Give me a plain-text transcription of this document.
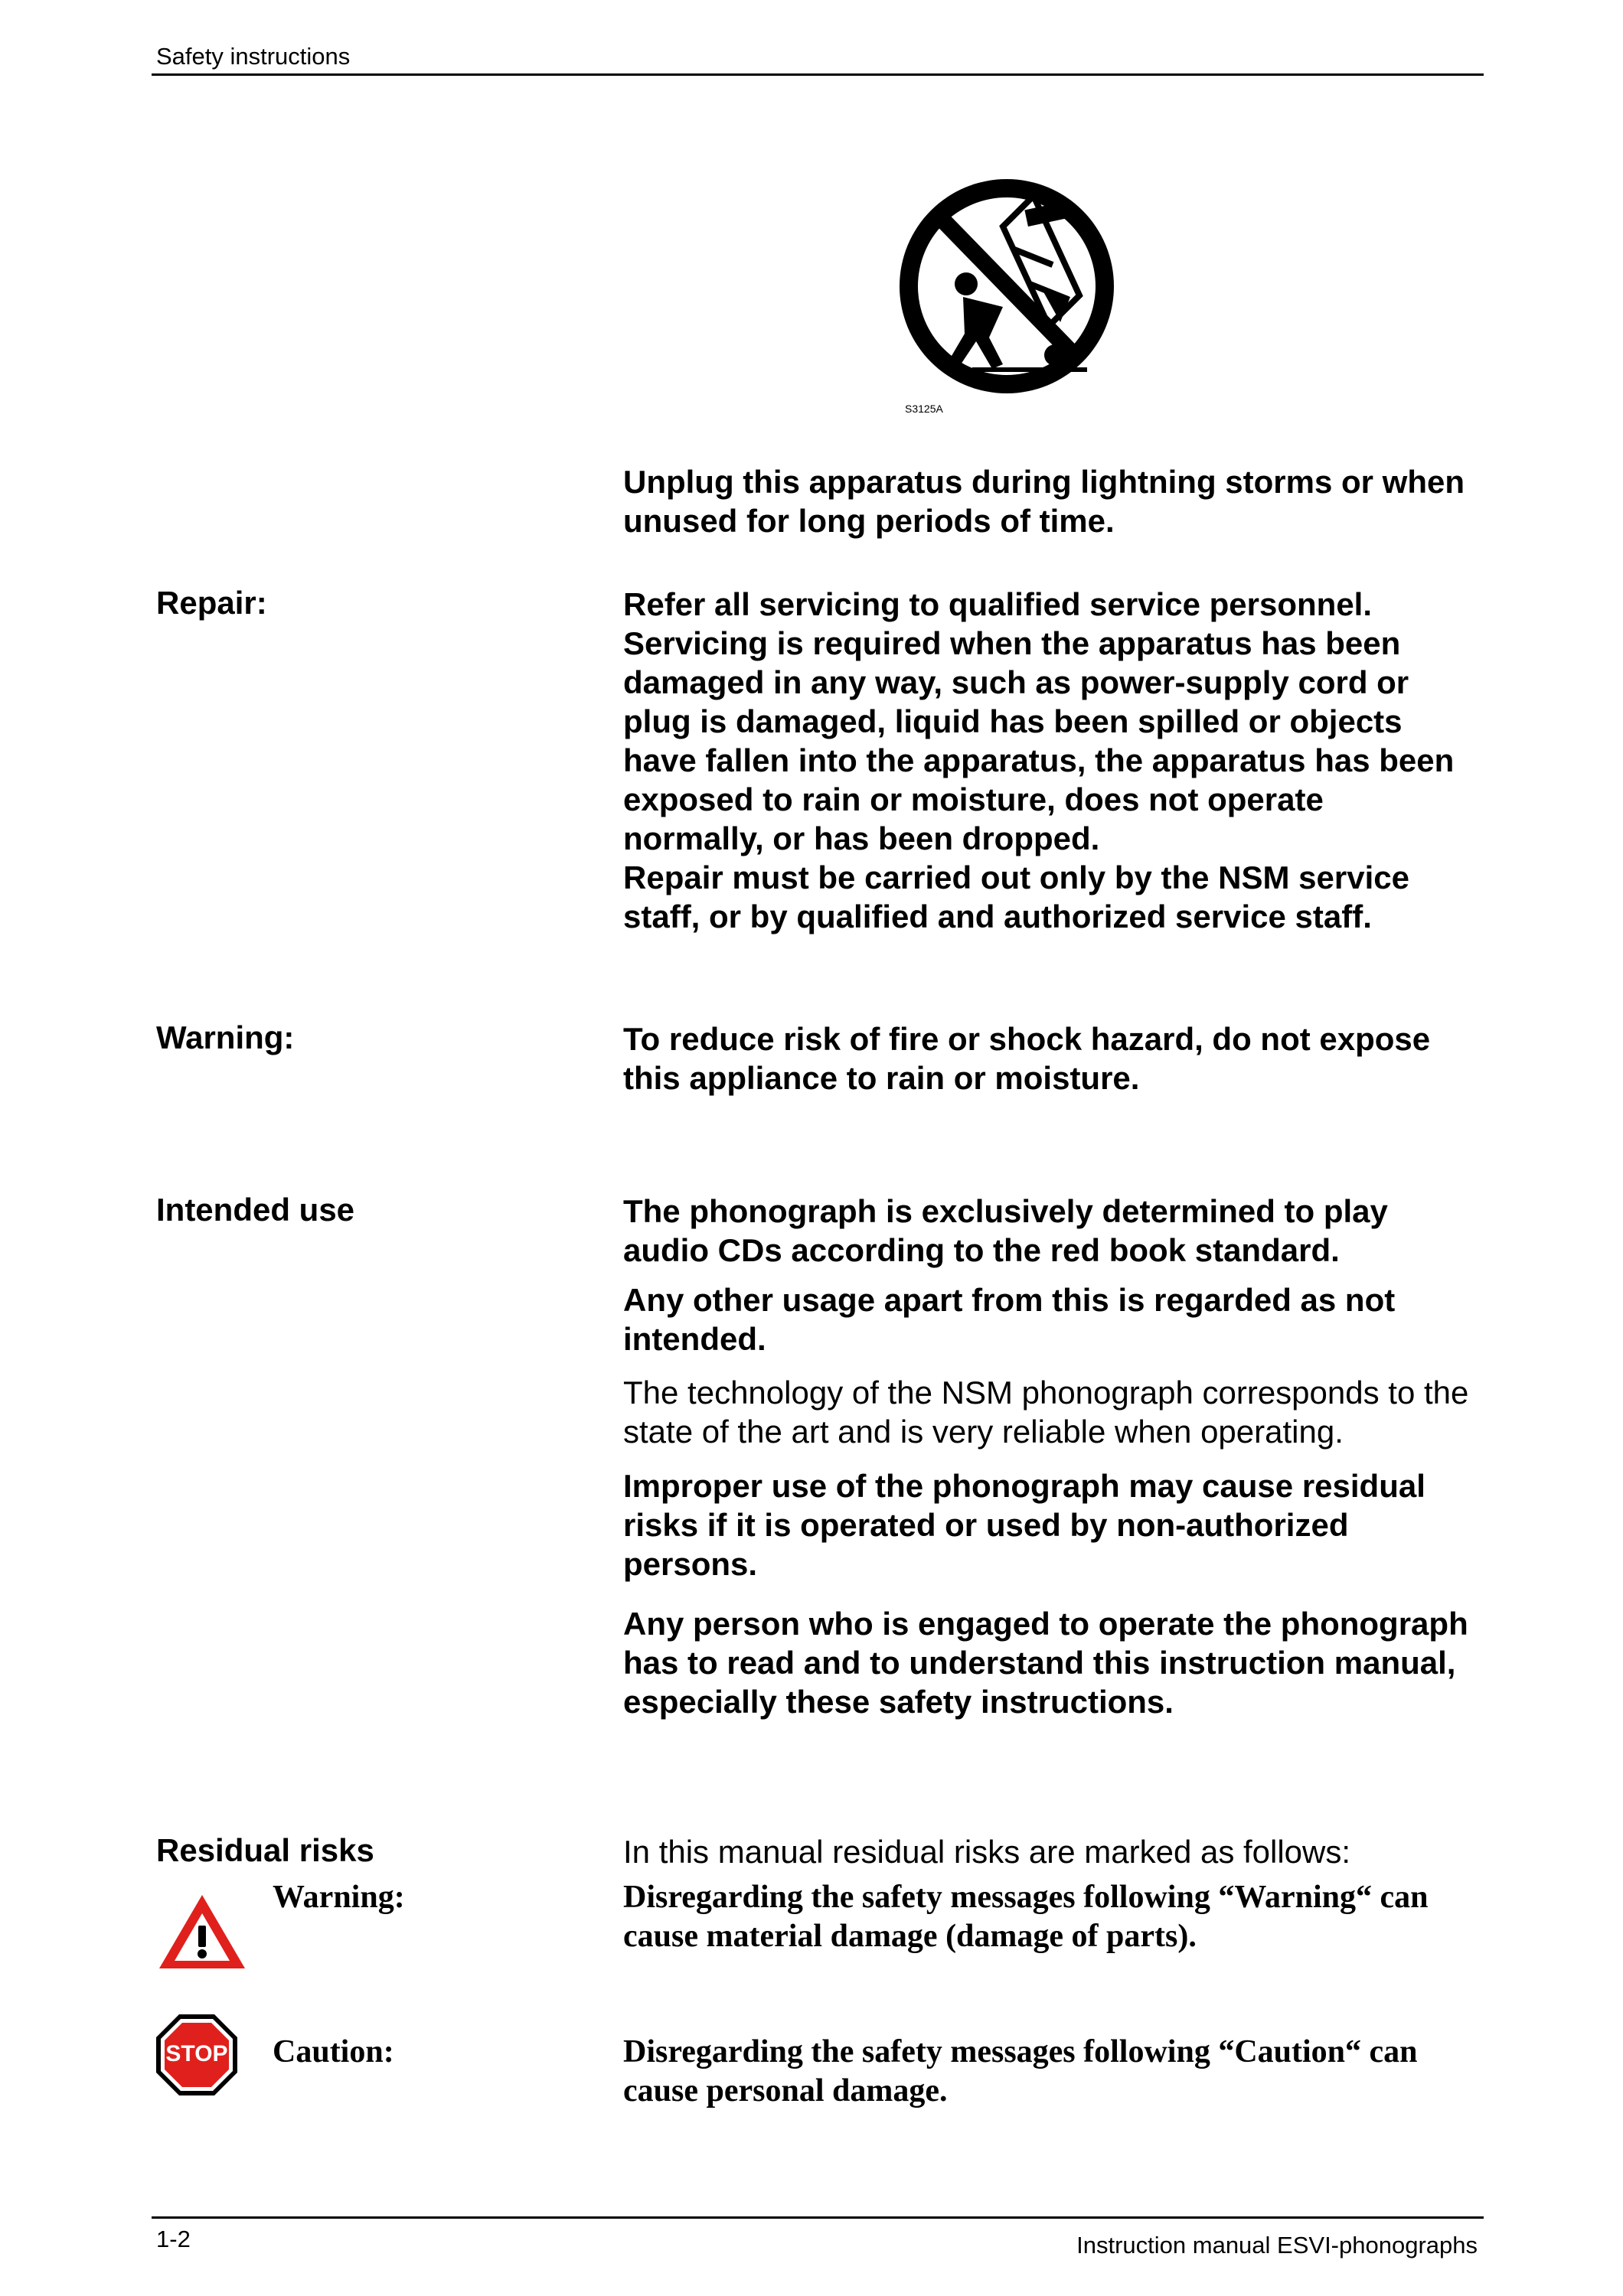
Safety instructions
S3125A
Unplug this apparatus during lightning storms or when unused for long periods of time.
Repair:	Refer all servicing to qualified service personnel. Servicing is required when the apparatus has been damaged in any way, such as power-supply cord or plug is damaged, liquid has been spilled or objects have fallen into the apparatus, the apparatus has been exposed to rain or moisture, does not operate normally, or has been dropped.

Repair must be carried out only by the NSM service staff, or by qualified and authorized service staff.

Warning:	To reduce risk of fire or shock hazard, do not expose this appliance to rain or moisture.
Intended use	The phonograph is exclusively determined to play audio CDs according to the red book standard.
Any other usage apart from this is regarded as not intended.
The technology of the NSM phonograph corresponds to the state of the art and is very reliable when operating.
Improper use of the phonograph may cause residual risks if it is operated or used by non-authorized persons.
Any person who is engaged to operate the phonograph has to read and to understand this instruction manual, especially these safety instructions.
Residual risks	In this manual residual risks are marked as follows:
Warning:	Disregarding the safety messages following “Warning“ can cause material damage (damage of parts).
STOP	Caution:	Disregarding the safety messages following “Caution“ can cause personal damage.
1-2	Instruction manual ESVI-phonographs
